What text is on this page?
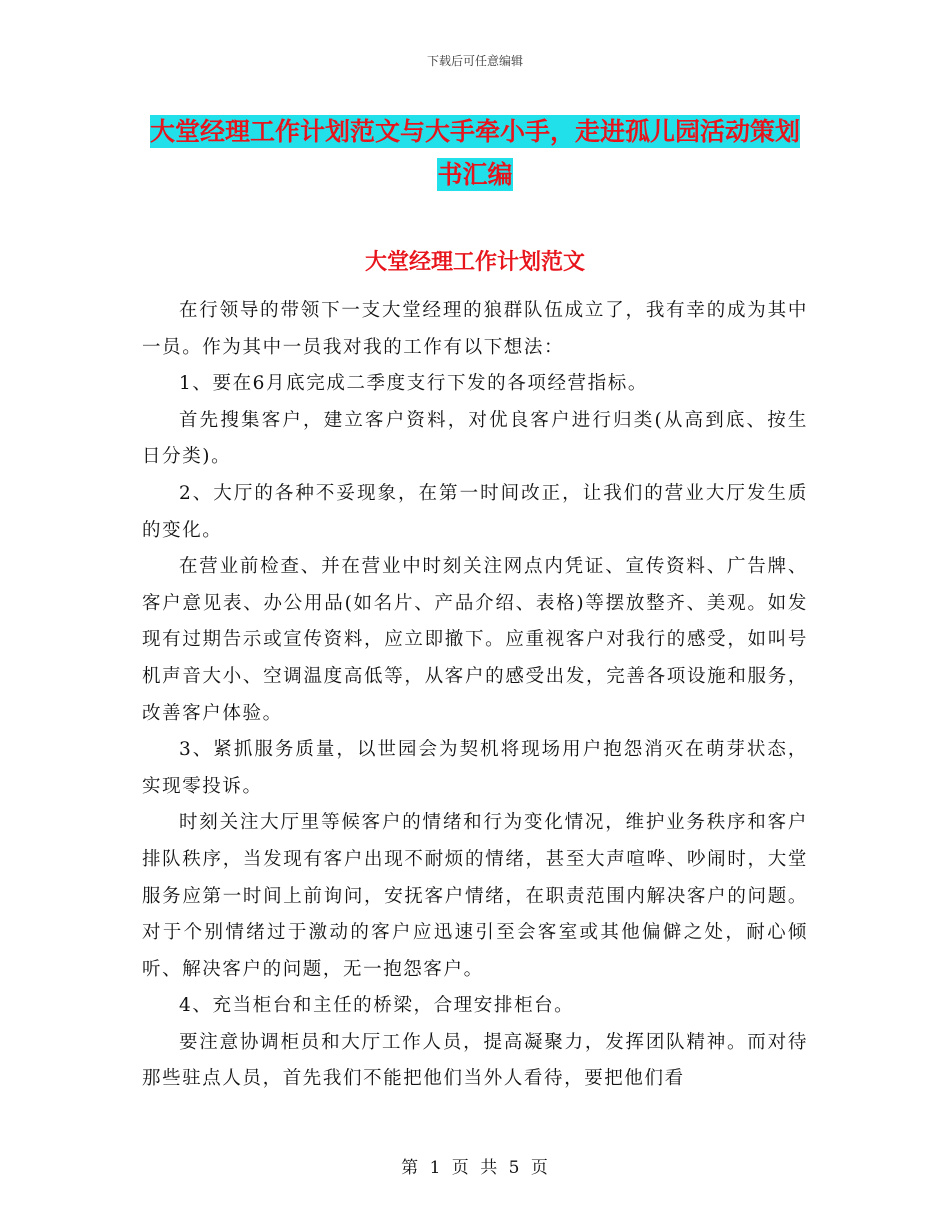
下载后可任意编辑
大堂经理工作计划范文与大手牵小手，走进孤儿园活动策划书汇编
大堂经理工作计划范文

在行领导的带领下一支大堂经理的狼群队伍成立了，我有幸的成为其中一员。作为其中一员我对我的工作有以下想法：

1、要在6月底完成二季度支行下发的各项经营指标。

首先搜集客户，建立客户资料，对优良客户进行归类(从高到底、按生日分类)。

2、大厅的各种不妥现象，在第一时间改正，让我们的营业大厅发生质的变化。

在营业前检查、并在营业中时刻关注网点内凭证、宣传资料、广告牌、客户意见表、办公用品(如名片、产品介绍、表格)等摆放整齐、美观。如发现有过期告示或宣传资料，应立即撤下。应重视客户对我行的感受，如叫号机声音大小、空调温度高低等，从客户的感受出发，完善各项设施和服务，改善客户体验。

3、紧抓服务质量，以世园会为契机将现场用户抱怨消灭在萌芽状态，实现零投诉。

时刻关注大厅里等候客户的情绪和行为变化情况，维护业务秩序和客户排队秩序，当发现有客户出现不耐烦的情绪，甚至大声喧哗、吵闹时，大堂服务应第一时间上前询问，安抚客户情绪，在职责范围内解决客户的问题。对于个别情绪过于激动的客户应迅速引至会客室或其他偏僻之处，耐心倾听、解决客户的问题，无一抱怨客户。

4、充当柜台和主任的桥梁，合理安排柜台。

要注意协调柜员和大厅工作人员，提高凝聚力，发挥团队精神。而对待那些驻点人员，首先我们不能把他们当外人看待，要把他们看

第 1 页 共 5 页
